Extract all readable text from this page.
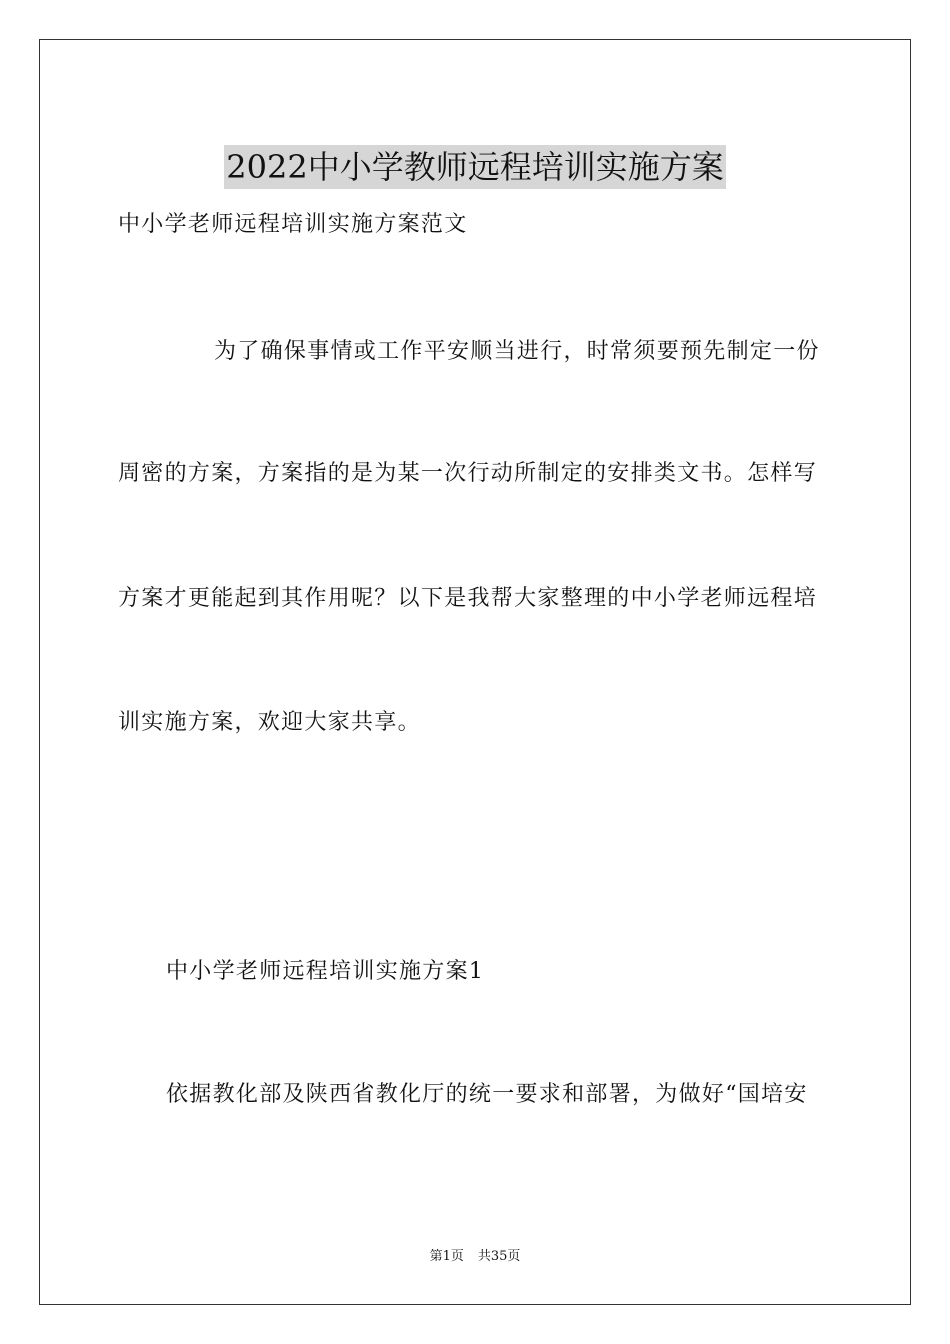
2022中小学教师远程培训实施方案
中小学老师远程培训实施方案范文
为了确保事情或工作平安顺当进行，时常须要预先制定一份
周密的方案，方案指的是为某一次行动所制定的安排类文书。怎样写
方案才更能起到其作用呢？以下是我帮大家整理的中小学老师远程培
训实施方案，欢迎大家共享。
中小学老师远程培训实施方案1
依据教化部及陕西省教化厅的统一要求和部署，为做好“国培安
第1页 共35页
